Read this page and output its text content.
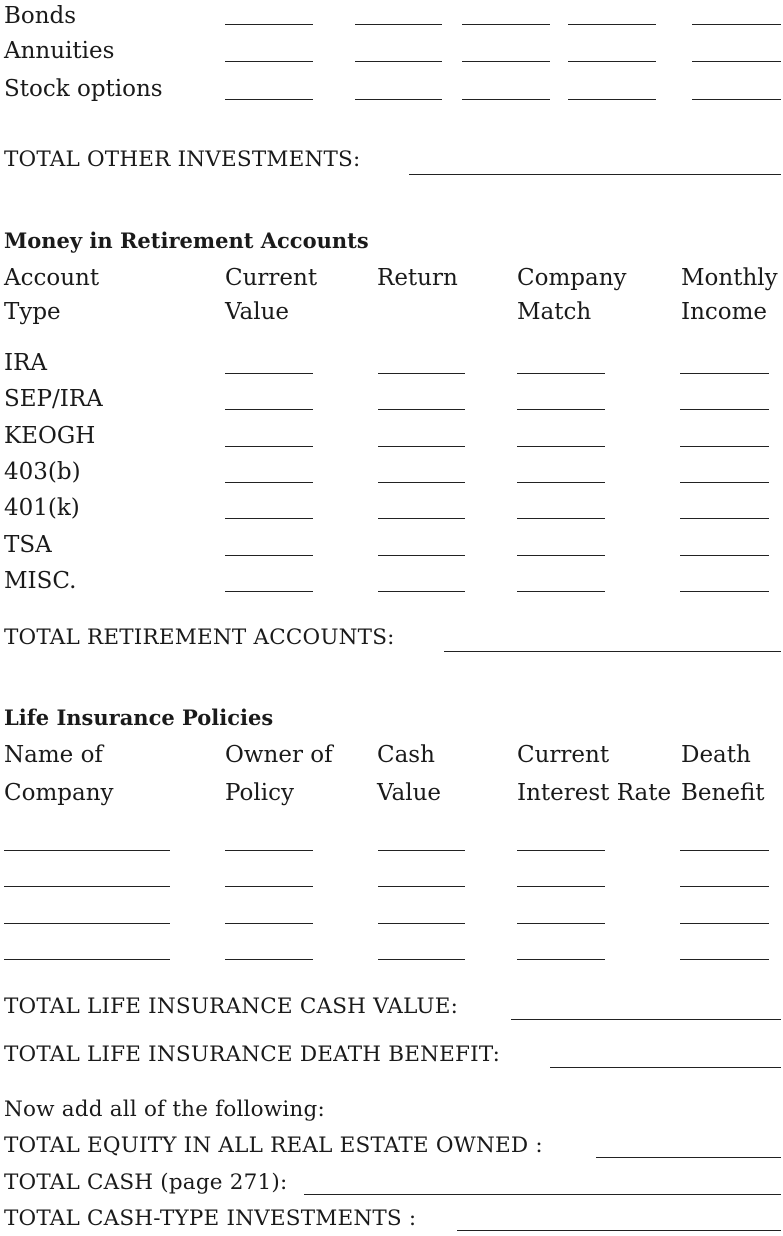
Bonds
Annuities
Stock options
TOTAL OTHER INVESTMENTS:
Money in Retirement Accounts
Account
Type
Current
Value
Return	Company
Match
Monthly
Income
IRA
SEP/IRA
KEOGH
403(b)
401(k)
TSA
MISC.
TOTAL RETIREMENT ACCOUNTS:
Life Insurance Policies
Name of
Company
Owner of
Policy
Cash
Value
Current
Interest Rate
Death
Benefit
TOTAL LIFE INSURANCE CASH VALUE:
TOTAL LIFE INSURANCE DEATH BENEFIT:
Now add all of the following:
TOTAL EQUITY IN ALL REAL ESTATE OWNED :
TOTAL CASH (page 271):
TOTAL CASH-TYPE INVESTMENTS :
